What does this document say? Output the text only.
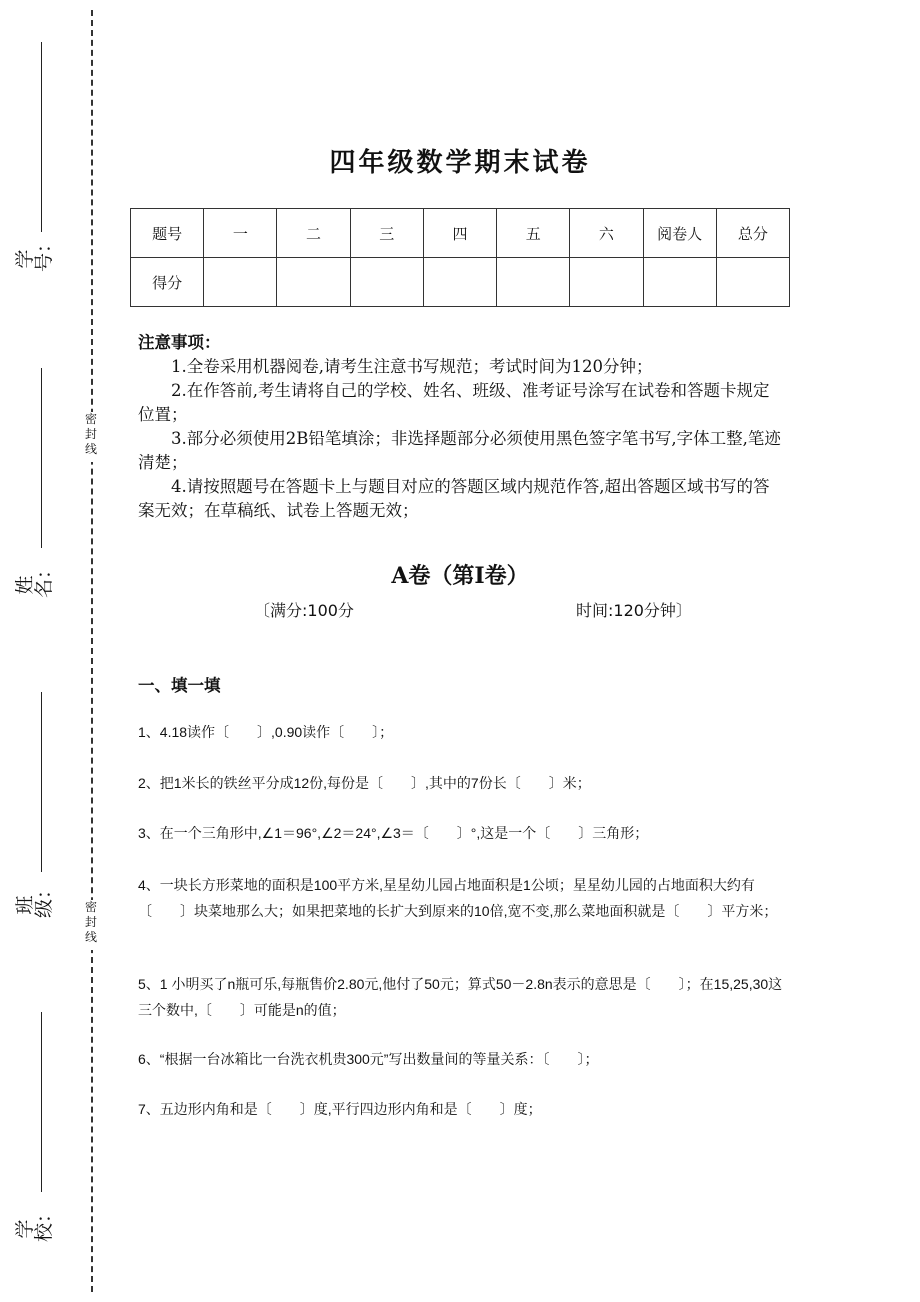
学号：
姓名：
班级：
学校：
密
封
线
密
封
线
四年级数学期末试卷
题号	一	二	三	四	五	六	阅卷人	总分
得分								
注意事项：

1.全卷采用机器阅卷,请考生注意书写规范；考试时间为120分钟；

2.在作答前,考生请将自己的学校、姓名、班级、准考证号涂写在试卷和答题卡规定位置；

3.部分必须使用2B铅笔填涂；非选择题部分必须使用黑色签字笔书写,字体工整,笔迹清楚；

4.请按照题号在答题卡上与题目对应的答题区域内规范作答,超出答题区域书写的答案无效；在草稿纸、试卷上答题无效；

A卷（第I卷）
〔满分:100分	时间:120分钟〕
一、填一填
1、4.18读作〔　　〕,0.90读作〔　　〕；
2、把1米长的铁丝平分成12份,每份是〔　　〕,其中的7份长〔　　〕米；
3、在一个三角形中,∠1＝96°,∠2＝24°,∠3＝〔　　〕°,这是一个〔　　〕三角形；
4、一块长方形菜地的面积是100平方米,星星幼儿园占地面积是1公顷；星星幼儿园的占地面积大约有〔　　〕块菜地那么大；如果把菜地的长扩大到原来的10倍,宽不变,那么菜地面积就是〔　　〕平方米；
5、1 小明买了n瓶可乐,每瓶售价2.80元,他付了50元；算式50－2.8n表示的意思是〔　　〕；在15,25,30这三个数中,〔　　〕可能是n的值；
6、“根据一台冰箱比一台洗衣机贵300元”写出数量间的等量关系：〔　　〕；
7、五边形内角和是〔　　〕度,平行四边形内角和是〔　　〕度；
